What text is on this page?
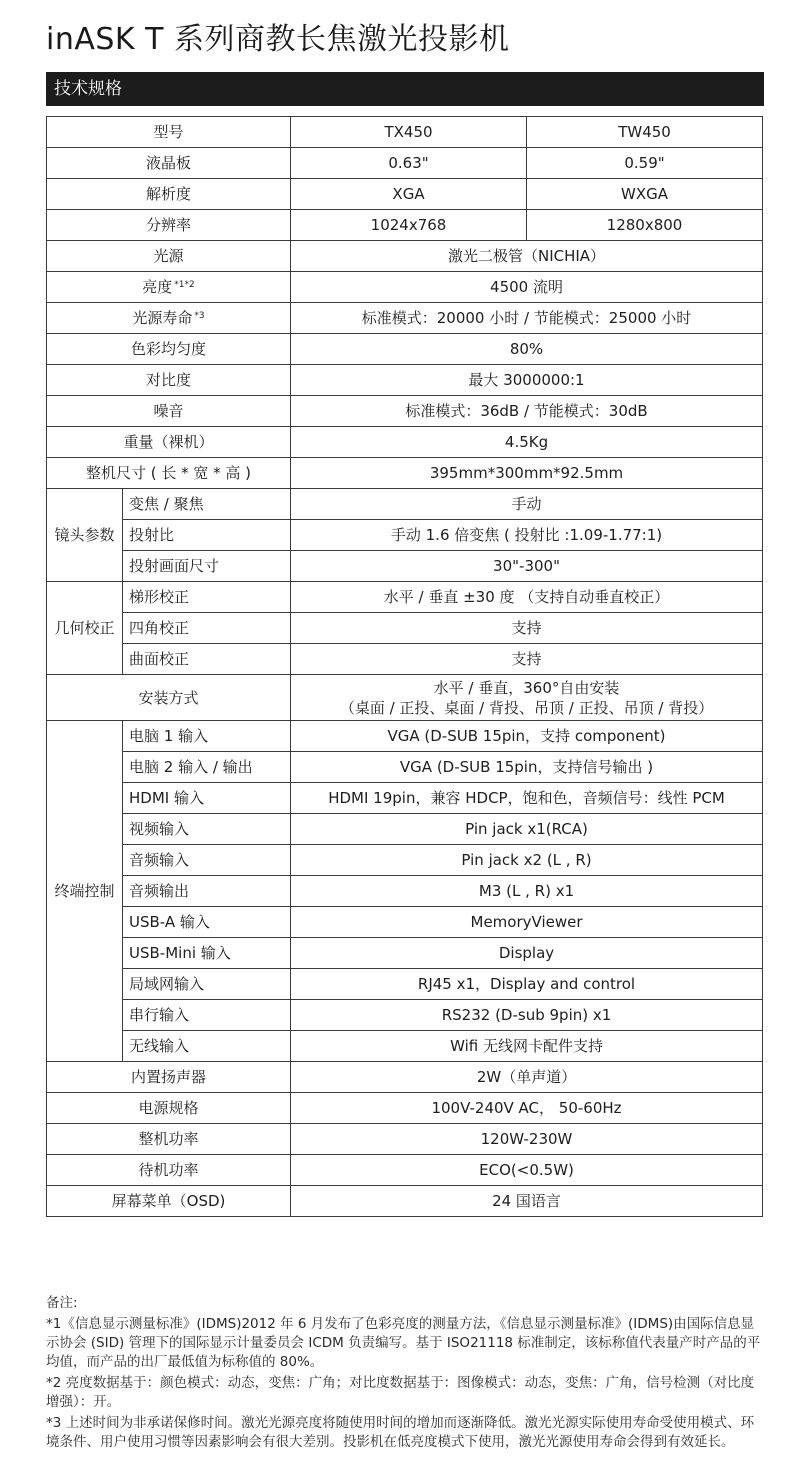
inASK T 系列商教长焦激光投影机
技术规格
型号		TX450	TW450
液晶板		0.63"	0.59"
解析度		XGA	WXGA
分辨率		1024x768	1280x800
光源		激光二极管（NICHIA）	
亮度 $^{*1*2}$		4500 流明	
光源寿命 $^{*3}$		标准模式：20000 小时 / 节能模式：25000 小时	
色彩均匀度		80%	
对比度		最大 3000000:1	
噪音		标准模式：36dB / 节能模式：30dB	
重量（裸机）		4.5Kg	
整机尺寸 ( 长 * 宽 * 高 )		395mm*300mm*92.5mm	
镜头参数	变焦 / 聚焦	手动	
	投射比	手动 1.6 倍变焦 ( 投射比 :1.09-1.77:1)	
	投射画面尺寸	30"-300"	
几何校正	梯形校正	水平 / 垂直 ±30 度 （支持自动垂直校正）	
	四角校正	支持	
	曲面校正	支持	
安装方式		水平 / 垂直，360°自由安装
（桌面 / 正投、桌面 / 背投、吊顶 / 正投、吊顶 / 背投）	

终端控制	电脑 1 输入	VGA (D-SUB 15pin，支持 component)	
	电脑 2 输入 / 输出	VGA (D-SUB 15pin，支持信号输出 )	
	HDMI 输入	HDMI 19pin，兼容 HDCP，饱和色，音频信号：线性 PCM	
	视频输入	Pin jack x1(RCA)	
	音频输入	Pin jack x2 (L , R)	
	音频输出	M3 (L , R) x1	
	USB-A 输入	MemoryViewer	
	USB-Mini 输入	Display	
	局域网输入	RJ45 x1，Display and control	
	串行输入	RS232 (D-sub 9pin) x1	
	无线输入	Wifi 无线网卡配件支持	
内置扬声器		2W（单声道）	
电源规格		100V-240V AC， 50-60Hz	
整机功率		120W-230W	
待机功率		ECO(<0.5W)	
屏幕菜单（OSD)		24 国语言	
备注:
*1《信息显示测量标准》(IDMS)2012 年 6 月发布了色彩亮度的测量方法，《信息显示测量标准》(IDMS)由国际信息显示协会 (SID) 管理下的国际显示计量委员会 ICDM 负责编写。基于 ISO21118 标准制定，该标称值代表量产时产品的平均值，而产品的出厂最低值为标称值的 80%。
*2 亮度数据基于：颜色模式：动态，变焦：广角；对比度数据基于：图像模式：动态，变焦：广角，信号检测（对比度增强）：开。
*3 上述时间为非承诺保修时间。激光光源亮度将随使用时间的增加而逐渐降低。激光光源实际使用寿命受使用模式、环境条件、用户使用习惯等因素影响会有很大差别。投影机在低亮度模式下使用，激光光源使用寿命会得到有效延长。
